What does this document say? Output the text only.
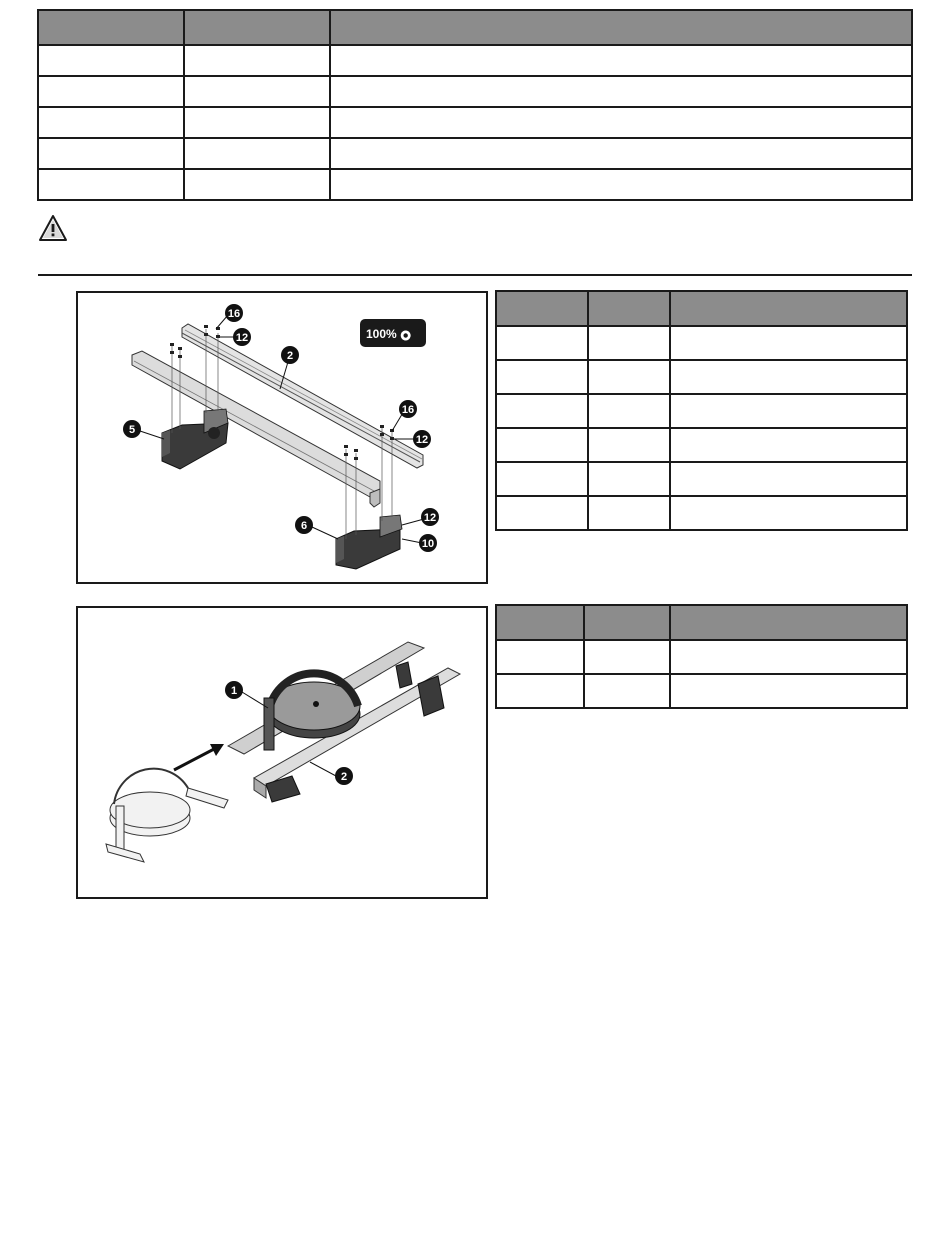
16
12
2
5
16
12
6
12
10
100%

1
2
